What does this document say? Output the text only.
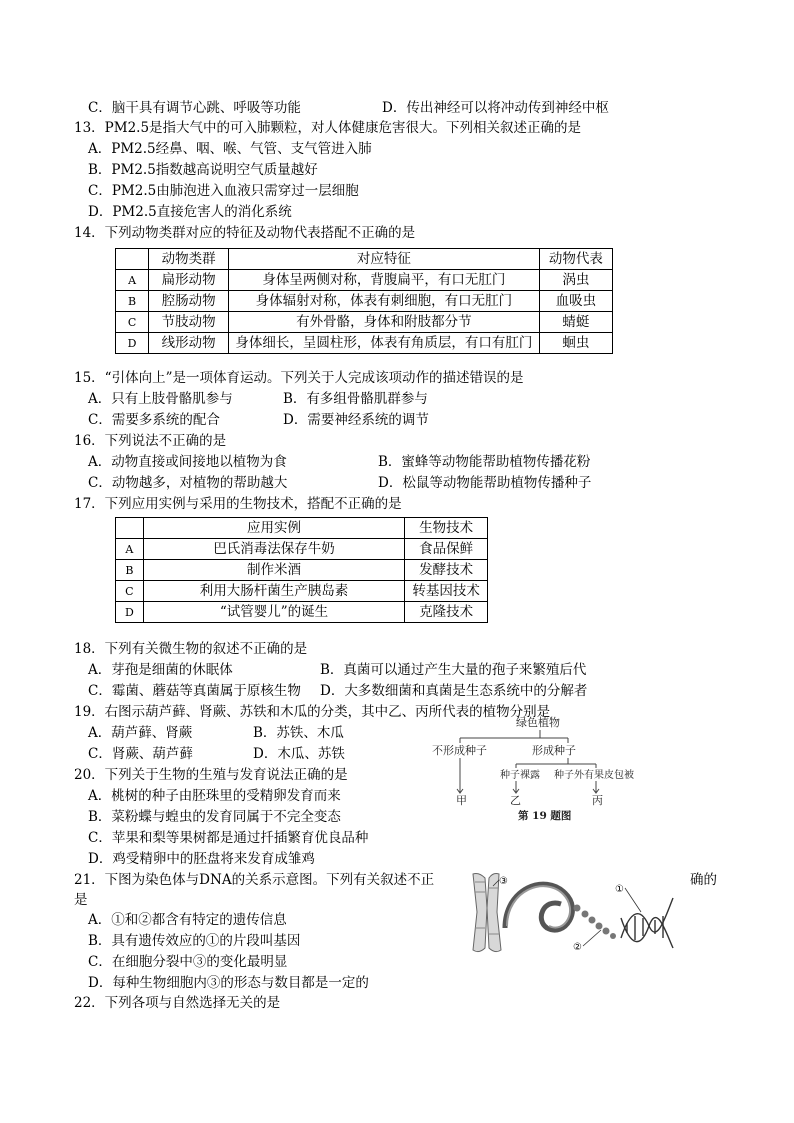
C．脑干具有调节心跳、呼吸等功能	D．传出神经可以将冲动传到神经中枢
13．PM2.5是指大气中的可入肺颗粒，对人体健康危害很大。下列相关叙述正确的是
A．PM2.5经鼻、咽、喉、气管、支气管进入肺
B．PM2.5指数越高说明空气质量越好
C．PM2.5由肺泡进入血液只需穿过一层细胞
D．PM2.5直接危害人的消化系统
14．下列动物类群对应的特征及动物代表搭配不正确的是
	动物类群	对应特征	动物代表
A	扁形动物	身体呈两侧对称，背腹扁平，有口无肛门	涡虫
B	腔肠动物	身体辐射对称，体表有刺细胞，有口无肛门	血吸虫
C	节肢动物	有外骨骼，身体和附肢都分节	蜻蜓
D	线形动物	身体细长，呈圆柱形，体表有角质层，有口有肛门	蛔虫
15．“引体向上”是一项体育运动。下列关于人完成该项动作的描述错误的是
A．只有上肢骨骼肌参与	B．有多组骨骼肌群参与
C．需要多系统的配合	D．需要神经系统的调节
16．下列说法不正确的是
A．动物直接或间接地以植物为食	B．蜜蜂等动物能帮助植物传播花粉
C．动物越多，对植物的帮助越大	D．松鼠等动物能帮助植物传播种子
17．下列应用实例与采用的生物技术，搭配不正确的是
	应用实例	生物技术
A	巴氏消毒法保存牛奶	食品保鲜
B	制作米酒	发酵技术
C	利用大肠杆菌生产胰岛素	转基因技术
D	“试管婴儿”的诞生	克隆技术
18．下列有关微生物的叙述不正确的是
A．芽孢是细菌的休眠体	B．真菌可以通过产生大量的孢子来繁殖后代
C．霉菌、蘑菇等真菌属于原核生物 D．大多数细菌和真菌是生态系统中的分解者
19．右图示葫芦藓、肾蕨、苏铁和木瓜的分类，其中乙、丙所代表的植物分别是
A．葫芦藓、肾蕨	B．苏铁、木瓜
C．肾蕨、葫芦藓	D．木瓜、苏铁
绿色植物
不形成种子	形成种子
种子裸露 种子外有果皮包被
甲	乙	丙
第 19 题图
20．下列关于生物的生殖与发育说法正确的是
A．桃树的种子由胚珠里的受精卵发育而来
B．菜粉蝶与蝗虫的发育同属于不完全变态
C．苹果和梨等果树都是通过扦插繁育优良品种
D．鸡受精卵中的胚盘将来发育成雏鸡
21．下图为染色体与DNA的关系示意图。下列有关叙述不正	确的
是
A．①和②都含有特定的遗传信息
B．具有遗传效应的①的片段叫基因
C．在细胞分裂中③的变化最明显
D．每种生物细胞内③的形态与数目都是一定的
①
②
③
22．下列各项与自然选择无关的是
